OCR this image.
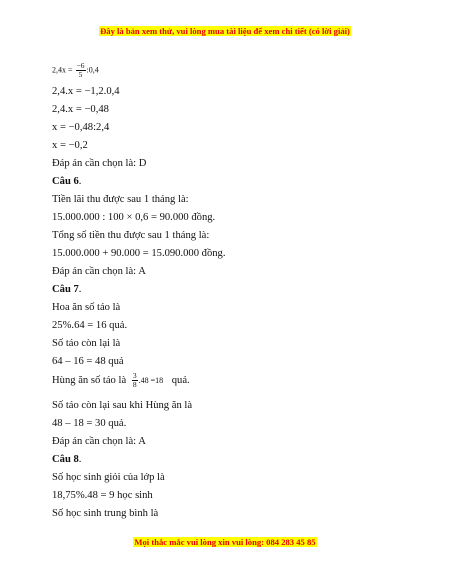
Đây là bản xem thử, vui lòng mua tài liệu để xem chi tiết (có lời giải)
$2,4x = \frac{-6}{5}$ :0,4
2,4.x = −1,2.0,4
2,4.x = −0,48
x = −0,48:2,4
x = −0,2
Đáp án cần chọn là: D
Câu 6.
Tiền lãi thu được sau 1 tháng là:
15.000.000 : 100 × 0,6 = 90.000 đồng.
Tổng số tiền thu được sau 1 tháng là:
15.000.000 + 90.000 = 15.090.000 đồng.
Đáp án cần chọn là: A
Câu 7.
Hoa ăn số táo là
25%.64 = 16 quả.
Số táo còn lại là
64 – 16 = 48 quả
Hùng ăn số táo là $\frac{3}{8} .48 =18$ quả.
Số táo còn lại sau khi Hùng ăn là
48 – 18 = 30 quả.
Đáp án cần chọn là: A
Câu 8.
Số học sinh giỏi của lớp là
18,75%.48 = 9 học sinh
Số học sinh trung bình là
Mọi thắc mắc vui lòng xin vui lòng: 084 283 45 85
